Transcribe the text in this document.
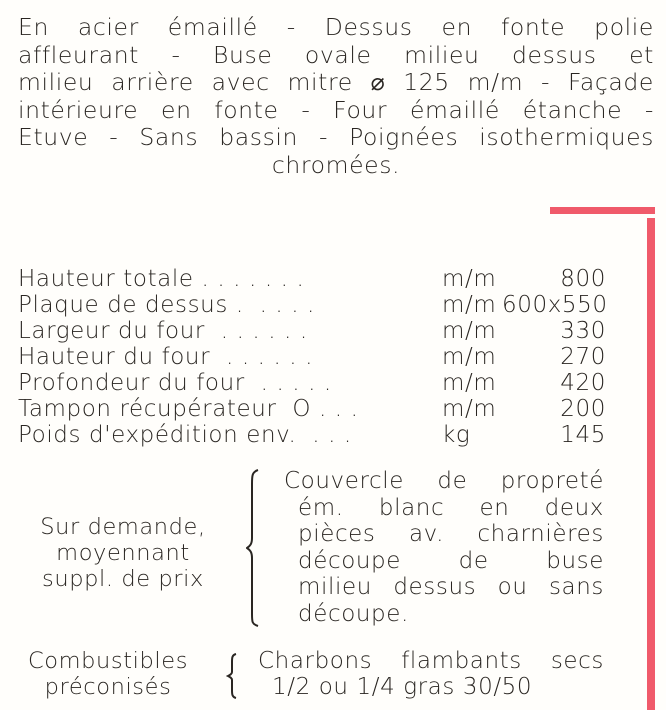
En acier émaillé - Dessus en fonte polie
affleurant - Buse ovale milieu dessus et
milieu arrière avec mitre ⌀ 125 m/m - Façade
intérieure en fonte - Four émaillé étanche -
Etuve - Sans bassin - Poignées isothermiques
chromées.
Hauteur totale . . . . . . .	m/m	800
Plaque de dessus .  . . . .	m/m 600x550
Largeur du four  . . . . . .	m/m	330
Hauteur du four  . . . . . .	m/m	270
Profondeur du four  . . . . .	m/m	420
Tampon récupérateur  O . . .	m/m	200
Poids d'expédition env.  . . .	kg	145
Sur demande,
moyennant
suppl. de prix
Couvercle de propreté
ém. blanc en deux
pièces av. charnières
découpe de buse
milieu dessus ou sans
découpe.
Combustibles
préconisés
Charbons flambants secs
1/2 ou 1/4 gras 30/50
